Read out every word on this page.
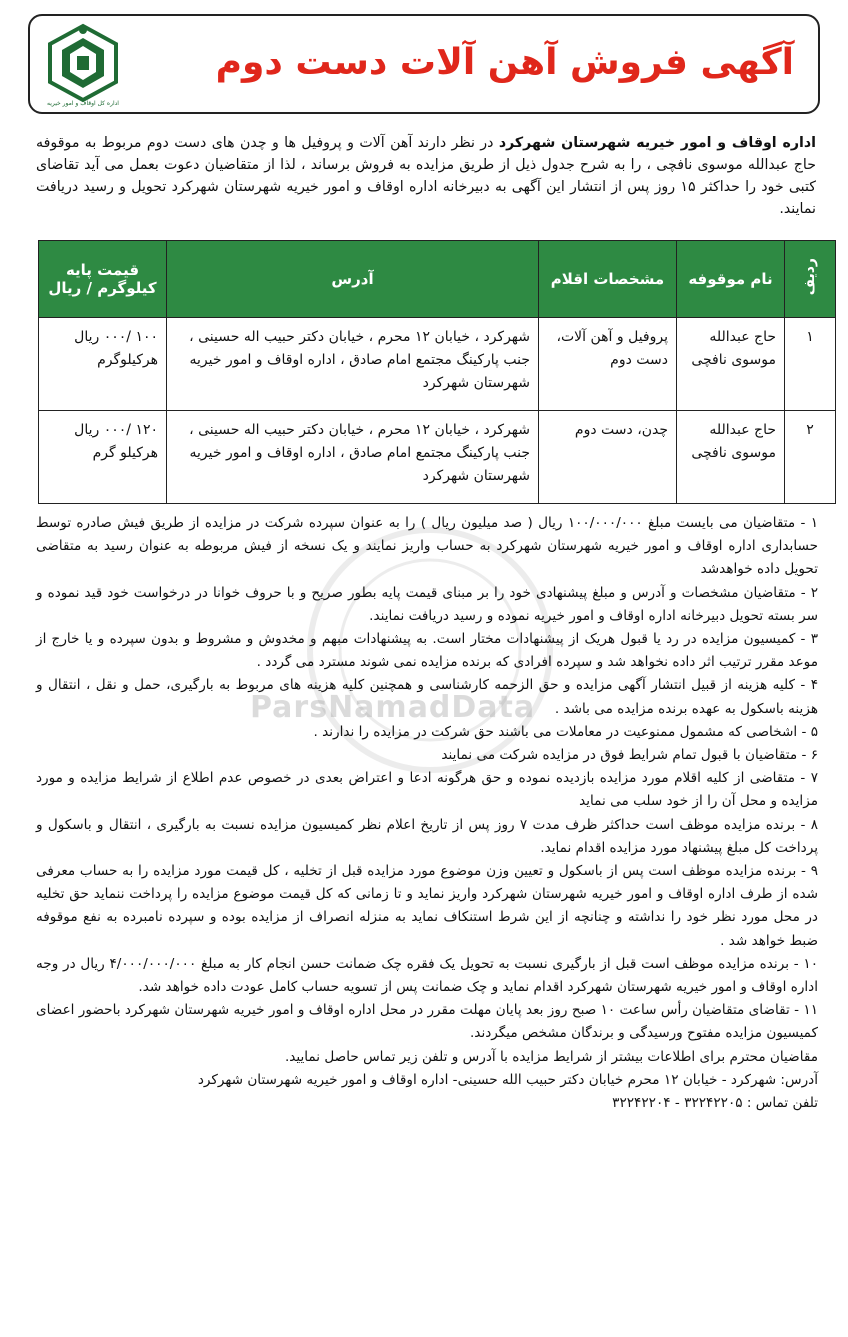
اداره کل اوقاف و امور خیریه
آگهی فروش آهن آلات دست دوم
اداره اوقاف و امور خیریه شهرستان شهرکرد در نظر دارند آهن آلات و پروفیل ها و چدن های دست دوم مربوط به موقوفه حاج عبدالله موسوی نافچی ، را به شرح جدول ذیل از طریق مزایده به فروش برساند ، لذا از متقاضیان دعوت بعمل می آید تقاضای کتبی خود را حداکثر ۱۵ روز پس از انتشار این آگهی به دبیرخانه اداره اوقاف و امور خیریه شهرستان شهرکرد تحویل و رسید دریافت نمایند.
ردیف	نام موقوفه	مشخصات اقلام	آدرس	قیمت پایه کیلوگرم / ریال
۱	حاج عبدالله موسوی نافچی	پروفیل و آهن آلات، دست دوم	شهرکرد ، خیابان ۱۲ محرم ، خیابان دکتر حبیب اله حسینی ، جنب پارکینگ مجتمع امام صادق ، اداره اوقاف و امور خیریه شهرستان شهرکرد	۱۰۰ /۰۰۰ ریال هرکیلوگرم
۲	حاج عبدالله موسوی نافچی	چدن، دست دوم	شهرکرد ، خیابان ۱۲ محرم ، خیابان دکتر حبیب اله حسینی ، جنب پارکینگ مجتمع امام صادق ، اداره اوقاف و امور خیریه شهرستان شهرکرد	۱۲۰ /۰۰۰ ریال هرکیلو گرم
ParsNamadData

۱ - متقاضیان می بایست مبلغ ۱۰۰/۰۰۰/۰۰۰ ریال ( صد میلیون ریال ) را به عنوان سپرده شرکت در مزایده از طریق فیش صادره توسط حسابداری اداره اوقاف و امور خیریه شهرستان شهرکرد به حساب واریز نمایند و یک نسخه از فیش مربوطه به عنوان رسید به متقاضی تحویل داده خواهدشد

۲ - متقاضیان مشخصات و آدرس و مبلغ پیشنهادی خود را بر مبنای قیمت پایه بطور صریح و با حروف خوانا در درخواست خود قید نموده و سر بسته تحویل دبیرخانه اداره اوقاف و امور خیریه نموده و رسید دریافت نمایند.

۳ - کمیسیون مزایده در رد یا قبول هریک از پیشنهادات مختار است. به پیشنهادات مبهم و مخدوش و مشروط و بدون سپرده و یا خارج از موعد مقرر ترتیب اثر داده نخواهد شد و سپرده افرادی که برنده مزایده نمی شوند مسترد می گردد .

۴ - کلیه هزینه از قبیل انتشار آگهی مزایده و حق الزحمه کارشناسی و همچنین کلیه هزینه های مربوط به بارگیری، حمل و نقل ، انتقال و هزینه باسکول به عهده برنده مزایده می باشد .

۵ - اشخاصی که مشمول ممنوعیت در معاملات می باشند حق شرکت در مزایده را ندارند .

۶ - متقاضیان با قبول تمام شرایط فوق در مزایده شرکت می نمایند

۷ - متقاضی از کلیه اقلام مورد مزایده بازدیده نموده و حق هرگونه ادعا و اعتراض بعدی در خصوص عدم اطلاع از شرایط مزایده و مورد مزایده و محل آن را از خود سلب می نماید

۸ - برنده مزایده موظف است حداکثر ظرف مدت ۷ روز پس از تاریخ اعلام نظر کمیسیون مزایده نسبت به بارگیری ، انتقال و باسکول و پرداخت کل مبلغ پیشنهاد مورد مزایده اقدام نماید.

۹ - برنده مزایده موظف است پس از باسکول و تعیین وزن موضوع مورد مزایده قبل از تخلیه ، کل قیمت مورد مزایده را به حساب معرفی شده از طرف اداره اوقاف و امور خیریه شهرستان شهرکرد واریز نماید و تا زمانی که کل قیمت موضوع مزایده را پرداخت ننماید حق تخلیه در محل مورد نظر خود را نداشته و چنانچه از این شرط استنکاف نماید به منزله انصراف از مزایده بوده و سپرده نامبرده به نفع موقوفه ضبط خواهد شد .

۱۰ - برنده مزایده موظف است قبل از بارگیری نسبت به تحویل یک فقره چک ضمانت حسن انجام کار به مبلغ ۴/۰۰۰/۰۰۰/۰۰۰ ریال در وجه اداره اوقاف و امور خیریه شهرستان شهرکرد اقدام نماید و چک ضمانت پس از تسویه حساب کامل عودت داده خواهد شد.

۱۱ - تقاضای متقاضیان رأس ساعت ۱۰ صبح روز بعد پایان مهلت مقرر در محل اداره اوقاف و امور خیریه شهرستان شهرکرد باحضور اعضای کمیسیون مزایده مفتوح ورسیدگی و برندگان مشخص میگردند.

مقاضیان محترم برای اطلاعات بیشتر از شرایط مزایده با آدرس و تلفن زیر تماس حاصل نمایید.

آدرس: شهرکرد - خیابان ۱۲ محرم خیابان دکتر حبیب الله حسینی- اداره اوقاف و امور خیریه شهرستان شهرکرد

تلفن تماس : ۳۲۲۴۲۲۰۵ - ۳۲۲۴۲۲۰۴
